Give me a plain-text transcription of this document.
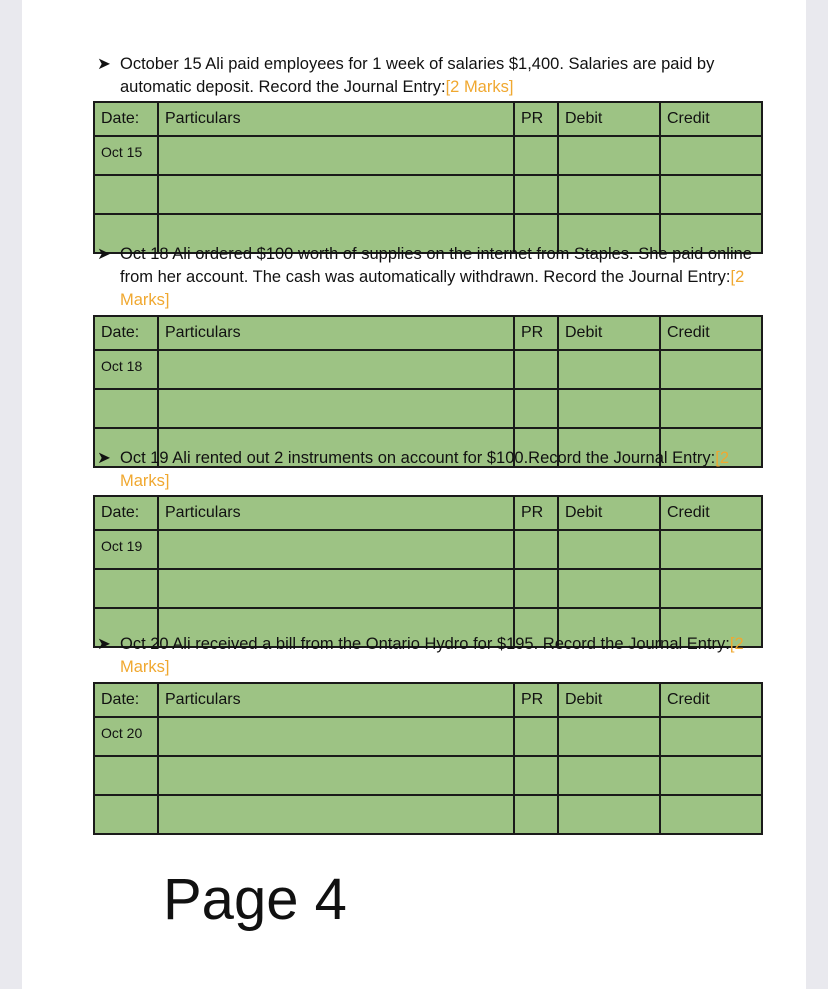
➤ October 15 Ali paid employees for 1 week of salaries $1,400. Salaries are paid by automatic deposit. Record the Journal Entry:[2 Marks]
Date:	Particulars	PR	Debit	Credit
Oct 15				

➤ Oct 18 Ali ordered $100 worth of supplies on the internet from Staples. She paid online from her account. The cash was automatically withdrawn. Record the Journal Entry:[2 Marks]
Date:	Particulars	PR	Debit	Credit
Oct 18				

➤ Oct 19 Ali rented out 2 instruments on account for $100.Record the Journal Entry:[2 Marks]
Date:	Particulars	PR	Debit	Credit
Oct 19				

➤ Oct 20 Ali received a bill from the Ontario Hydro for $195. Record the Journal Entry:[2 Marks]
Date:	Particulars	PR	Debit	Credit
Oct 20				

Page 4
